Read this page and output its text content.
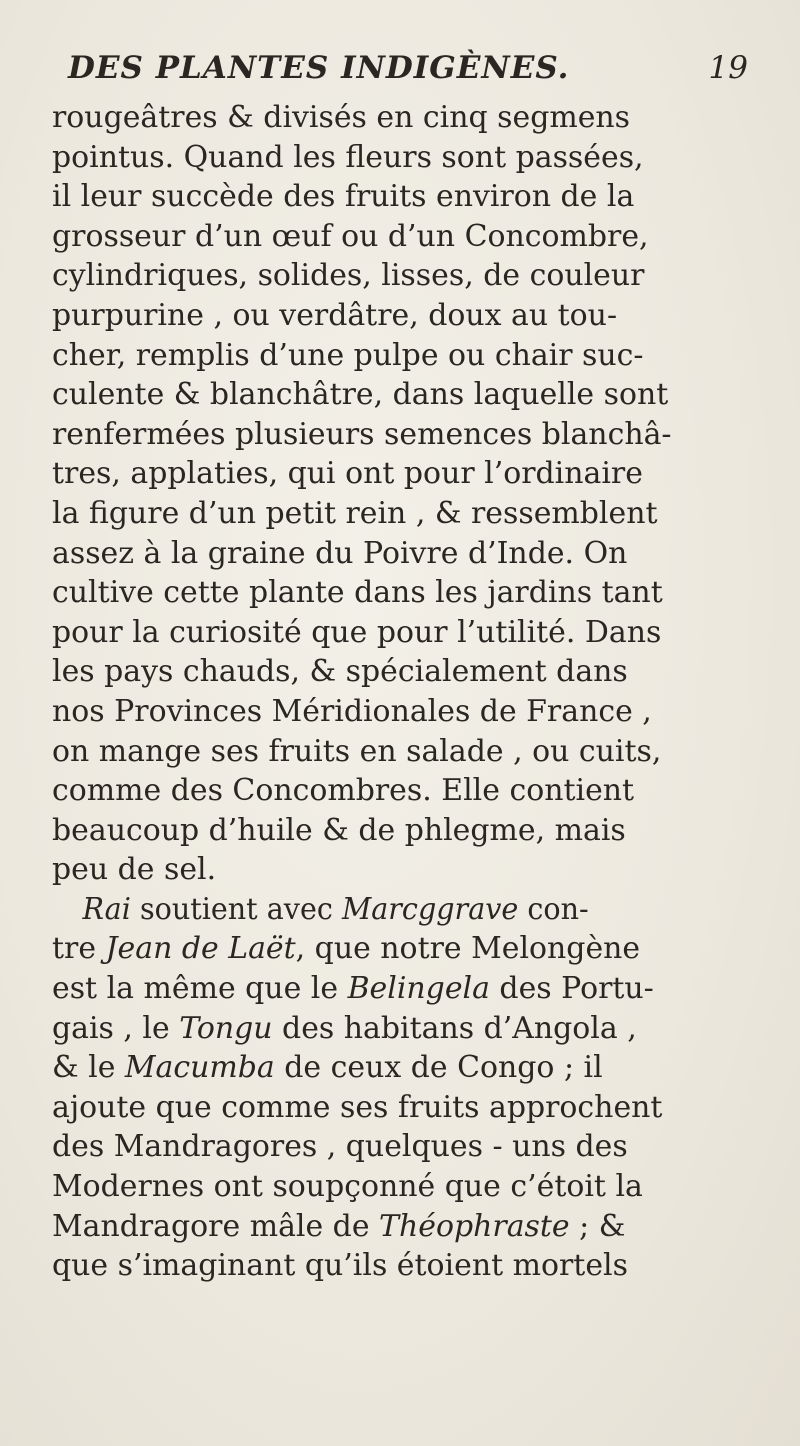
DES PLANTES INDIGÈNES.	19
rougeâtres & divisés en cinq segmens
pointus. Quand les fleurs sont passées,
il leur succède des fruits environ de la
grosseur d’un œuf ou d’un Concombre,
cylindriques, solides, lisses, de couleur
purpurine , ou verdâtre, doux au tou-
cher, remplis d’une pulpe ou chair suc-
culente & blanchâtre, dans laquelle sont
renfermées plusieurs semences blanchâ-
tres, applaties, qui ont pour l’ordinaire
la figure d’un petit rein , & ressemblent
assez à la graine du Poivre d’Inde. On
cultive cette plante dans les jardins tant
pour la curiosité que pour l’utilité. Dans
les pays chauds, & spécialement dans
nos Provinces Méridionales de France ,
on mange ses fruits en salade , ou cuits,
comme des Concombres. Elle contient
beaucoup d’huile & de phlegme, mais
peu de sel.
Rai soutient avec Marcggrave con-
tre Jean de Laët, que notre Melongène
est la même que le Belingela des Portu-
gais , le Tongu des habitans d’Angola ,
& le Macumba de ceux de Congo ; il
ajoute que comme ses fruits approchent
des Mandragores , quelques - uns des
Modernes ont soupçonné que c’étoit la
Mandragore mâle de Théophraste ; &
que s’imaginant qu’ils étoient mortels
